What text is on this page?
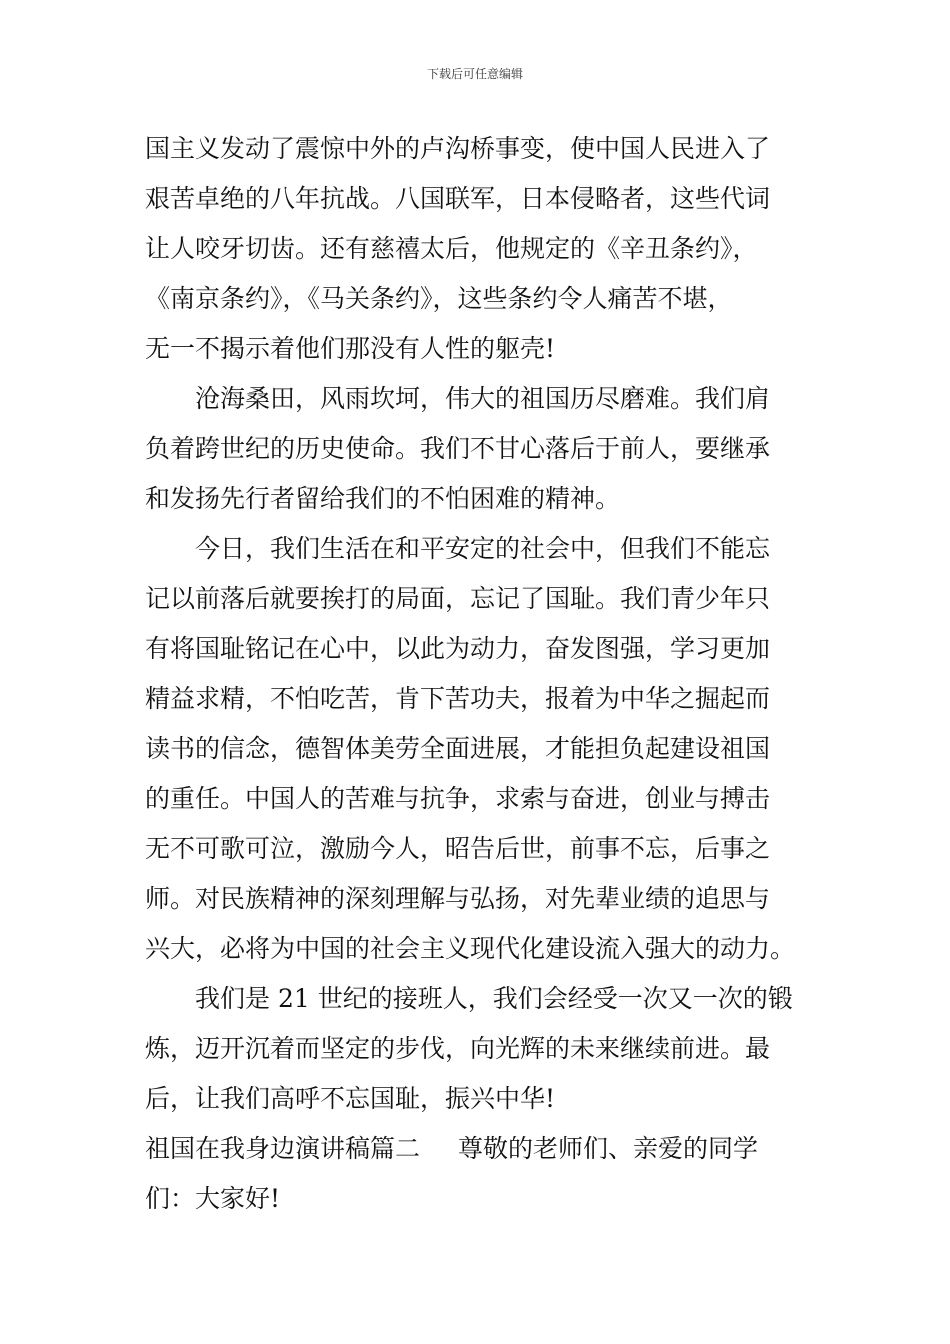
下载后可任意编辑
国主义发动了震惊中外的卢沟桥事变，使中国人民进入了
艰苦卓绝的八年抗战。八国联军，日本侵略者，这些代词
让人咬牙切齿。还有慈禧太后，他规定的《辛丑条约》，
《南京条约》，《马关条约》，这些条约令人痛苦不堪，
无一不揭示着他们那没有人性的躯壳!
沧海桑田，风雨坎坷，伟大的祖国历尽磨难。我们肩
负着跨世纪的历史使命。我们不甘心落后于前人，要继承
和发扬先行者留给我们的不怕困难的精神。
今日，我们生活在和平安定的社会中，但我们不能忘
记以前落后就要挨打的局面，忘记了国耻。我们青少年只
有将国耻铭记在心中，以此为动力，奋发图强，学习更加
精益求精，不怕吃苦，肯下苦功夫，报着为中华之掘起而
读书的信念，德智体美劳全面进展，才能担负起建设祖国
的重任。中国人的苦难与抗争，求索与奋进，创业与搏击
无不可歌可泣，激励今人，昭告后世，前事不忘，后事之
师。对民族精神的深刻理解与弘扬，对先辈业绩的追思与
兴大，必将为中国的社会主义现代化建设流入强大的动力。
我们是 21 世纪的接班人，我们会经受一次又一次的锻
炼，迈开沉着而坚定的步伐，向光辉的未来继续前进。最
后，让我们高呼不忘国耻，振兴中华!
祖国在我身边演讲稿篇二 尊敬的老师们、亲爱的同学
们：大家好!
